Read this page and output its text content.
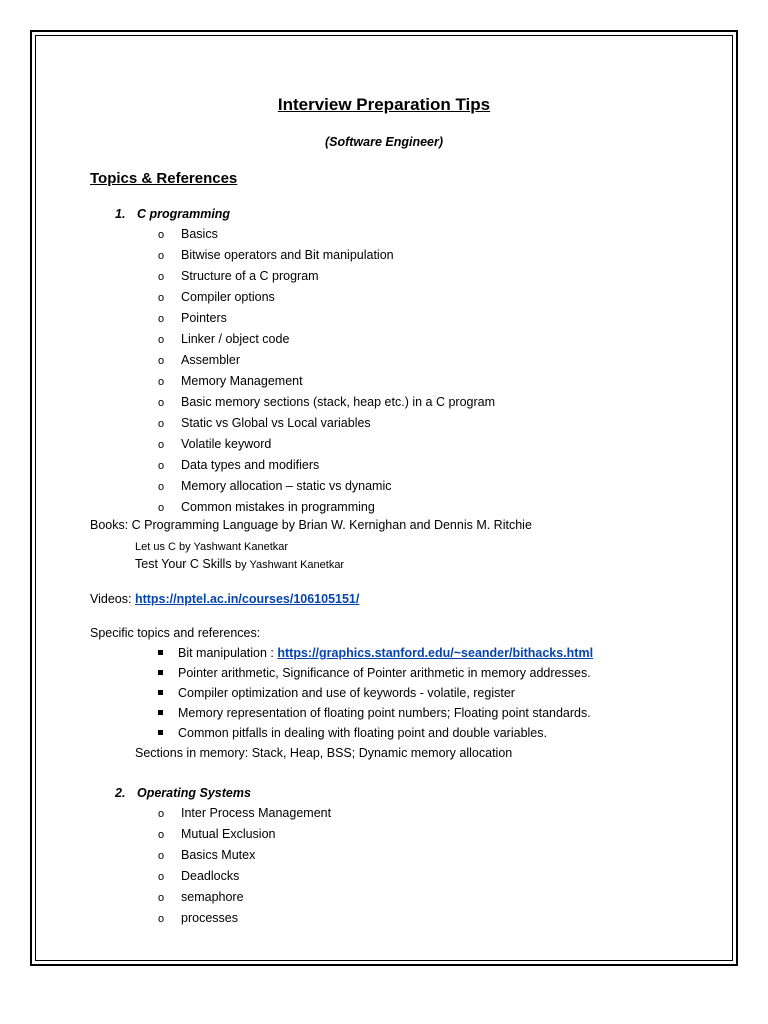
Interview Preparation Tips
(Software Engineer)
Topics & References
1. C programming
o Basics
o Bitwise operators and Bit manipulation
o Structure of a C program
o Compiler options
o Pointers
o Linker / object code
o Assembler
o Memory Management
o Basic memory sections (stack, heap etc.) in a C program
o Static vs Global vs Local variables
o Volatile keyword
o Data types and modifiers
o Memory allocation – static vs dynamic
o Common mistakes in programming
Books: C Programming Language by Brian W. Kernighan and Dennis M. Ritchie
Let us C by Yashwant Kanetkar
Test Your C Skills by Yashwant Kanetkar
Videos: https://nptel.ac.in/courses/106105151/
Specific topics and references:
Bit manipulation : https://graphics.stanford.edu/~seander/bithacks.html
Pointer arithmetic, Significance of Pointer arithmetic in memory addresses.
Compiler optimization and use of keywords - volatile, register
Memory representation of floating point numbers; Floating point standards.
Common pitfalls in dealing with floating point and double variables.
Sections in memory: Stack, Heap, BSS; Dynamic memory allocation
2. Operating Systems
o Inter Process Management
o Mutual Exclusion
o Basics Mutex
o Deadlocks
o semaphore
o processes
